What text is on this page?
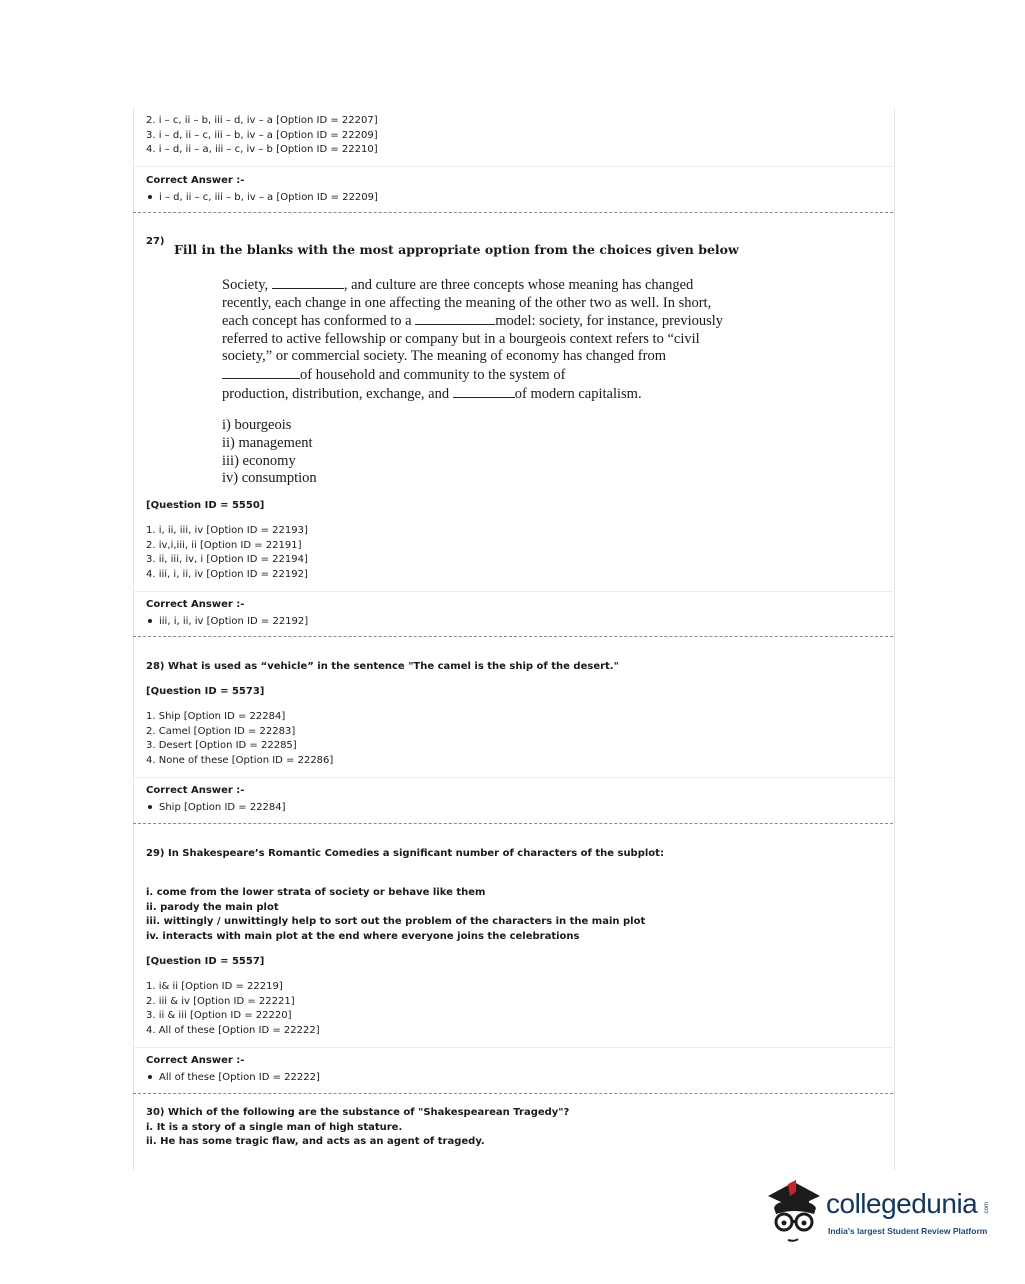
2. i – c, ii – b, iii – d, iv – a [Option ID = 22207]
3. i – d, ii – c, iii – b, iv – a [Option ID = 22209]
4. i – d, ii – a, iii – c, iv – b [Option ID = 22210]
Correct Answer :-
i – d, ii – c, iii – b, iv – a [Option ID = 22209]
27)
Fill in the blanks with the most appropriate option from the choices given below
Society,	, and culture are three concepts whose meaning has changed
recently, each change in one affecting the meaning of the other two as well. In short,
each concept has conformed to a	model: society, for instance, previously
referred to active fellowship or company but in a bourgeois context refers to “civil
society,” or commercial society. The meaning of economy has changed from
of household and community to the system of
production, distribution, exchange, and	of modern capitalism.
i) bourgeois
ii) management
iii) economy
iv) consumption
[Question ID = 5550]
1. i, ii, iii, iv [Option ID = 22193]
2. iv,i,iii, ii [Option ID = 22191]
3. ii, iii, iv, i [Option ID = 22194]
4. iii, i, ii, iv [Option ID = 22192]
Correct Answer :-
iii, i, ii, iv [Option ID = 22192]
28) What is used as “vehicle” in the sentence "The camel is the ship of the desert."
[Question ID = 5573]
1. Ship [Option ID = 22284]
2. Camel [Option ID = 22283]
3. Desert [Option ID = 22285]
4. None of these [Option ID = 22286]
Correct Answer :-
Ship [Option ID = 22284]
29) In Shakespeare’s Romantic Comedies a significant number of characters of the subplot:
i. come from the lower strata of society or behave like them
ii. parody the main plot
iii. wittingly / unwittingly help to sort out the problem of the characters in the main plot
iv. interacts with main plot at the end where everyone joins the celebrations
[Question ID = 5557]
1. i& ii [Option ID = 22219]
2. iii & iv [Option ID = 22221]
3. ii & iii [Option ID = 22220]
4. All of these [Option ID = 22222]
Correct Answer :-
All of these [Option ID = 22222]
30) Which of the following are the substance of "Shakespearean Tragedy"?
i. It is a story of a single man of high stature.
ii. He has some tragic flaw, and acts as an agent of tragedy.
collegedunia .com
India's largest Student Review Platform
